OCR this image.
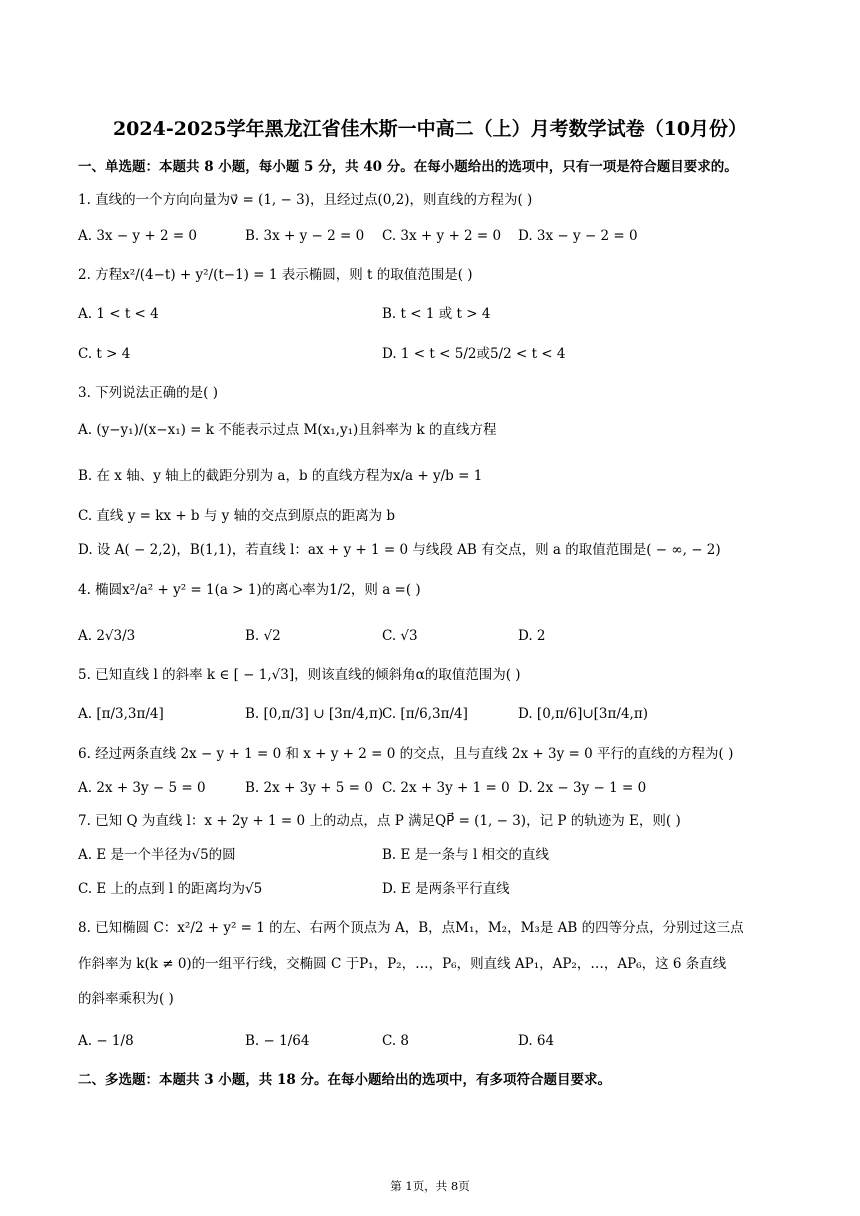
2024-2025学年黑龙江省佳木斯一中高二（上）月考数学试卷（10月份）
一、单选题：本题共 8 小题，每小题 5 分，共 40 分。在每小题给出的选项中，只有一项是符合题目要求的。
1. 直线的一个方向向量为v⃗ = (1, − 3)，且经过点(0,2)，则直线的方程为( )
A. 3x − y + 2 = 0	B. 3x + y − 2 = 0 C. 3x + y + 2 = 0 D. 3x − y − 2 = 0
2. 方程x²/(4−t) + y²/(t−1) = 1 表示椭圆，则 t 的取值范围是( )
A. 1 < t < 4	B. t < 1 或 t > 4
C. t > 4	D. 1 < t < 5/2或5/2 < t < 4
3. 下列说法正确的是( )
A. (y−y₁)/(x−x₁) = k 不能表示过点 M(x₁,y₁)且斜率为 k 的直线方程
B. 在 x 轴、y 轴上的截距分别为 a，b 的直线方程为x/a + y/b = 1
C. 直线 y = kx + b 与 y 轴的交点到原点的距离为 b
D. 设 A( − 2,2)，B(1,1)，若直线 l：ax + y + 1 = 0 与线段 AB 有交点，则 a 的取值范围是( − ∞, − 2)
4. 椭圆x²/a² + y² = 1(a > 1)的离心率为1/2，则 a =( )
A. 2√3/3	B. √2	C. √3	D. 2
5. 已知直线 l 的斜率 k ∈ [ − 1,√3]，则该直线的倾斜角α的取值范围为( )
A. [π/3,3π/4]	B. [0,π/3] ∪ [3π/4,π)
C. [π/6,3π/4]	D. [0,π/6]∪[3π/4,π)
6. 经过两条直线 2x − y + 1 = 0 和 x + y + 2 = 0 的交点，且与直线 2x + 3y = 0 平行的直线的方程为( )
A. 2x + 3y − 5 = 0	B. 2x + 3y + 5 = 0 C. 2x + 3y + 1 = 0 D. 2x − 3y − 1 = 0
7. 已知 Q 为直线 l：x + 2y + 1 = 0 上的动点，点 P 满足QP⃗ = (1, − 3)，记 P 的轨迹为 E，则( )
A. E 是一个半径为√5的圆	B. E 是一条与 l 相交的直线
C. E 上的点到 l 的距离均为√5	D. E 是两条平行直线
8. 已知椭圆 C：x²/2 + y² = 1 的左、右两个顶点为 A，B，点M₁，M₂，M₃是 AB 的四等分点，分别过这三点
作斜率为 k(k ≠ 0)的一组平行线，交椭圆 C 于P₁，P₂，…，P₆，则直线 AP₁，AP₂，…，AP₆，这 6 条直线
的斜率乘积为( )
A. − 1/8	B. − 1/64	C. 8	D. 64
二、多选题：本题共 3 小题，共 18 分。在每小题给出的选项中，有多项符合题目要求。
第 1页，共 8页
